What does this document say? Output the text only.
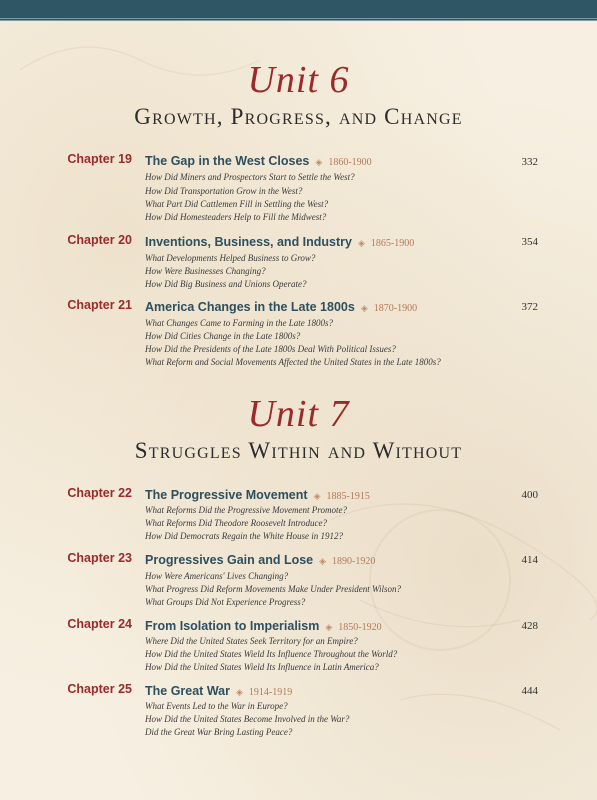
Unit 6
Growth, Progress, and Change
Chapter 19 The Gap in the West Closes ◈ 1860-1900	332
How Did Miners and Prospectors Start to Settle the West?
How Did Transportation Grow in the West?
What Part Did Cattlemen Fill in Settling the West?
How Did Homesteaders Help to Fill the Midwest?
Chapter 20 Inventions, Business, and Industry ◈ 1865-1900	354
What Developments Helped Business to Grow?
How Were Businesses Changing?
How Did Big Business and Unions Operate?
Chapter 21 America Changes in the Late 1800s ◈ 1870-1900	372
What Changes Came to Farming in the Late 1800s?
How Did Cities Change in the Late 1800s?
How Did the Presidents of the Late 1800s Deal With Political Issues?
What Reform and Social Movements Affected the United States in the Late 1800s?
Unit 7
Struggles Within and Without
Chapter 22 The Progressive Movement ◈ 1885-1915	400
What Reforms Did the Progressive Movement Promote?
What Reforms Did Theodore Roosevelt Introduce?
How Did Democrats Regain the White House in 1912?
Chapter 23 Progressives Gain and Lose ◈ 1890-1920	414
How Were Americans' Lives Changing?
What Progress Did Reform Movements Make Under President Wilson?
What Groups Did Not Experience Progress?
Chapter 24 From Isolation to Imperialism ◈ 1850-1920	428
Where Did the United States Seek Territory for an Empire?
How Did the United States Wield Its Influence Throughout the World?
How Did the United States Wield Its Influence in Latin America?
Chapter 25 The Great War ◈ 1914-1919	444
What Events Led to the War in Europe?
How Did the United States Become Involved in the War?
Did the Great War Bring Lasting Peace?
